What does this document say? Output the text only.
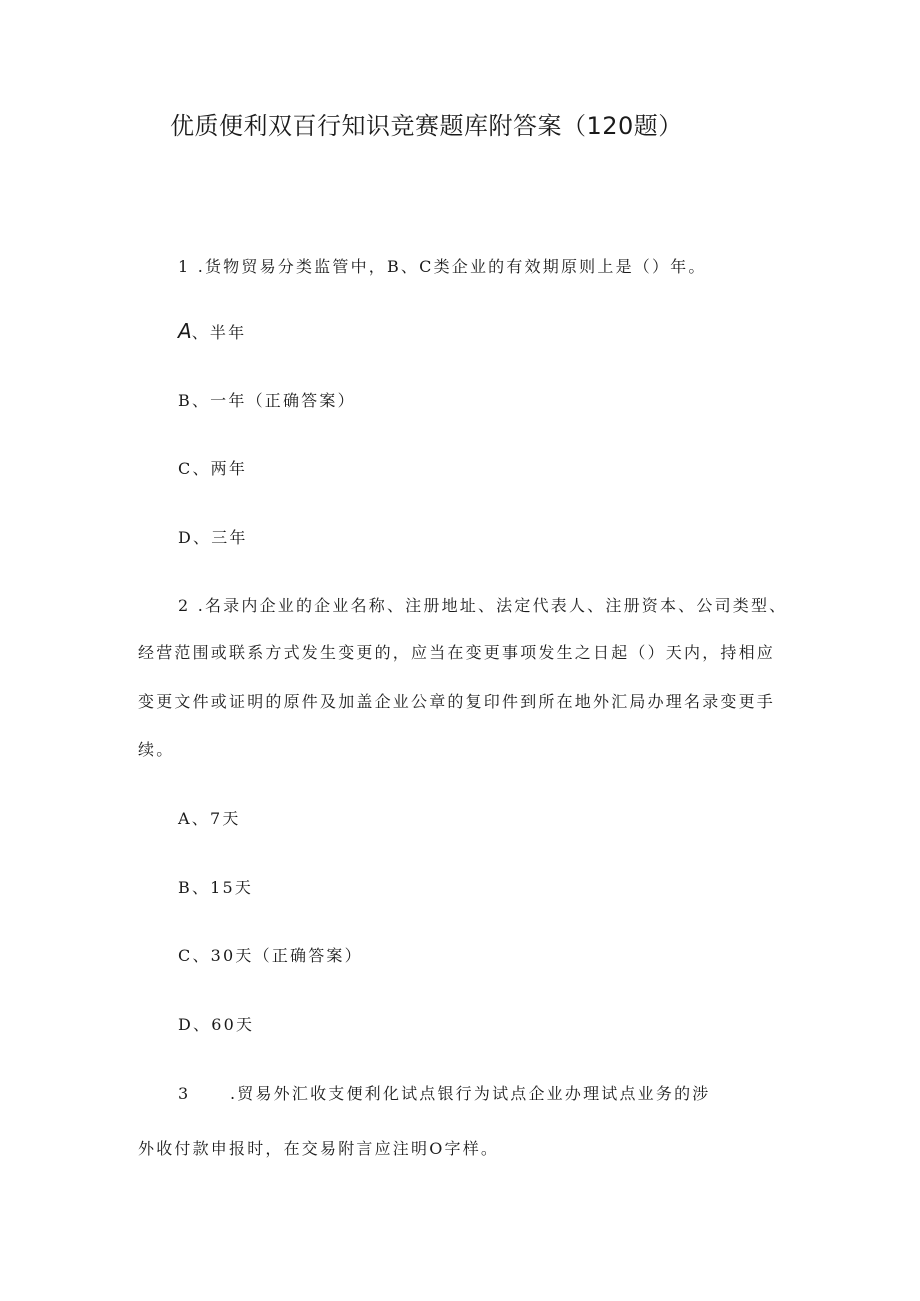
优质便利双百行知识竞赛题库附答案（120题）
1 .货物贸易分类监管中，B、C类企业的有效期原则上是（）年。
A、半年
B、一年（正确答案）
C、两年
D、三年
2 .名录内企业的企业名称、注册地址、法定代表人、注册资本、公司类型、
经营范围或联系方式发生变更的，应当在变更事项发生之日起（）天内，持相应
变更文件或证明的原件及加盖企业公章的复印件到所在地外汇局办理名录变更手
续。
A、7天
B、15天
C、30天（正确答案）
D、60天
3 .贸易外汇收支便利化试点银行为试点企业办理试点业务的涉
外收付款申报时，在交易附言应注明O字样。
